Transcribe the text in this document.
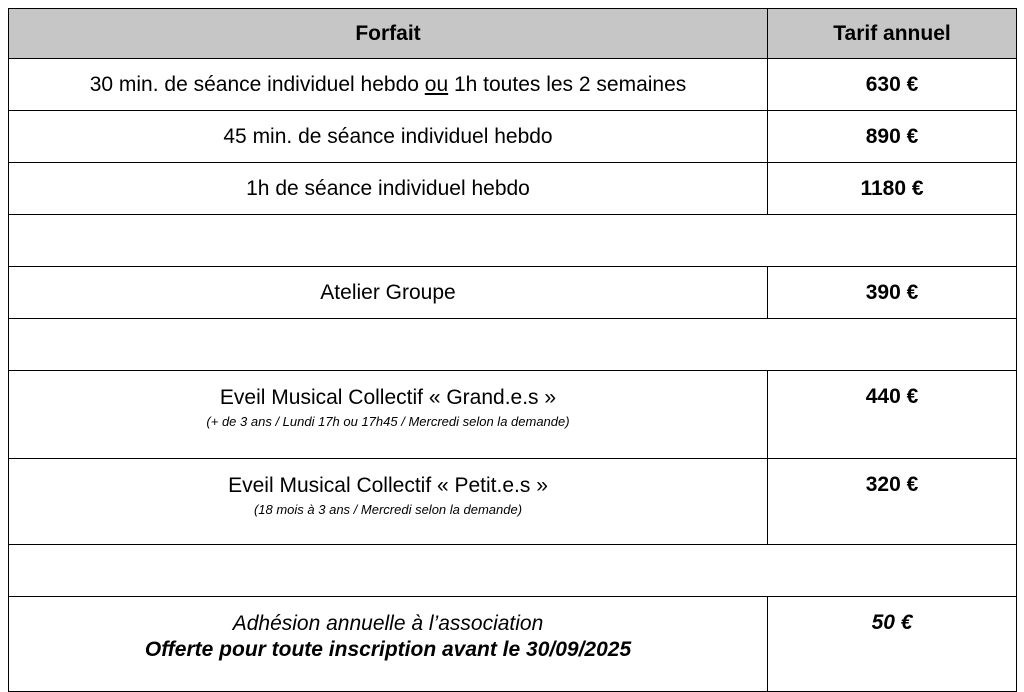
Forfait	Tarif annuel
30 min. de séance individuel hebdo ou 1h toutes les 2 semaines	630 €
45 min. de séance individuel hebdo	890 €
1h de séance individuel hebdo	1180 €

Atelier Groupe	390 €

Eveil Musical Collectif « Grand.e.s »
(+ de 3 ans / Lundi 17h ou 17h45 / Mercredi selon la demande)	440 €

Eveil Musical Collectif « Petit.e.s »
(18 mois à 3 ans / Mercredi selon la demande)	320 €

Adhésion annuelle à l’association
Offerte pour toute inscription avant le 30/09/2025	50 €
